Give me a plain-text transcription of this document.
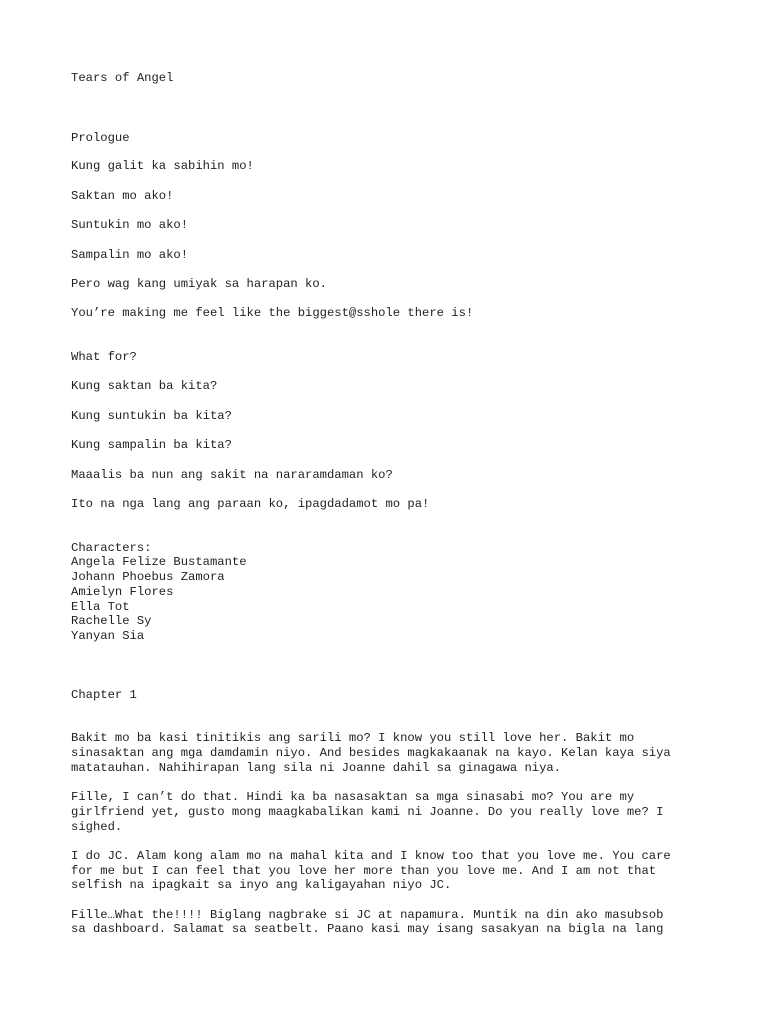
Tears of Angel

Prologue

Kung galit ka sabihin mo!

Saktan mo ako!

Suntukin mo ako!

Sampalin mo ako!

Pero wag kang umiyak sa harapan ko.

You’re making me feel like the biggest@sshole there is!

What for?

Kung saktan ba kita?

Kung suntukin ba kita?

Kung sampalin ba kita?

Maaalis ba nun ang sakit na nararamdaman ko?

Ito na nga lang ang paraan ko, ipagdadamot mo pa!

Characters:
Angela Felize Bustamante
Johann Phoebus Zamora
Amielyn Flores
Ella Tot
Rachelle Sy
Yanyan Sia

Chapter 1

Bakit mo ba kasi tinitikis ang sarili mo? I know you still love her. Bakit mo
sinasaktan ang mga damdamin niyo. And besides magkakaanak na kayo. Kelan kaya siya
matatauhan. Nahihirapan lang sila ni Joanne dahil sa ginagawa niya.
Fille, I can’t do that. Hindi ka ba nasasaktan sa mga sinasabi mo? You are my
girlfriend yet, gusto mong maagkabalikan kami ni Joanne. Do you really love me? I
sighed.
I do JC. Alam kong alam mo na mahal kita and I know too that you love me. You care
for me but I can feel that you love her more than you love me. And I am not that
selfish na ipagkait sa inyo ang kaligayahan niyo JC.
Fille…What the!!!! Biglang nagbrake si JC at napamura. Muntik na din ako masubsob
sa dashboard. Salamat sa seatbelt. Paano kasi may isang sasakyan na bigla na lang
